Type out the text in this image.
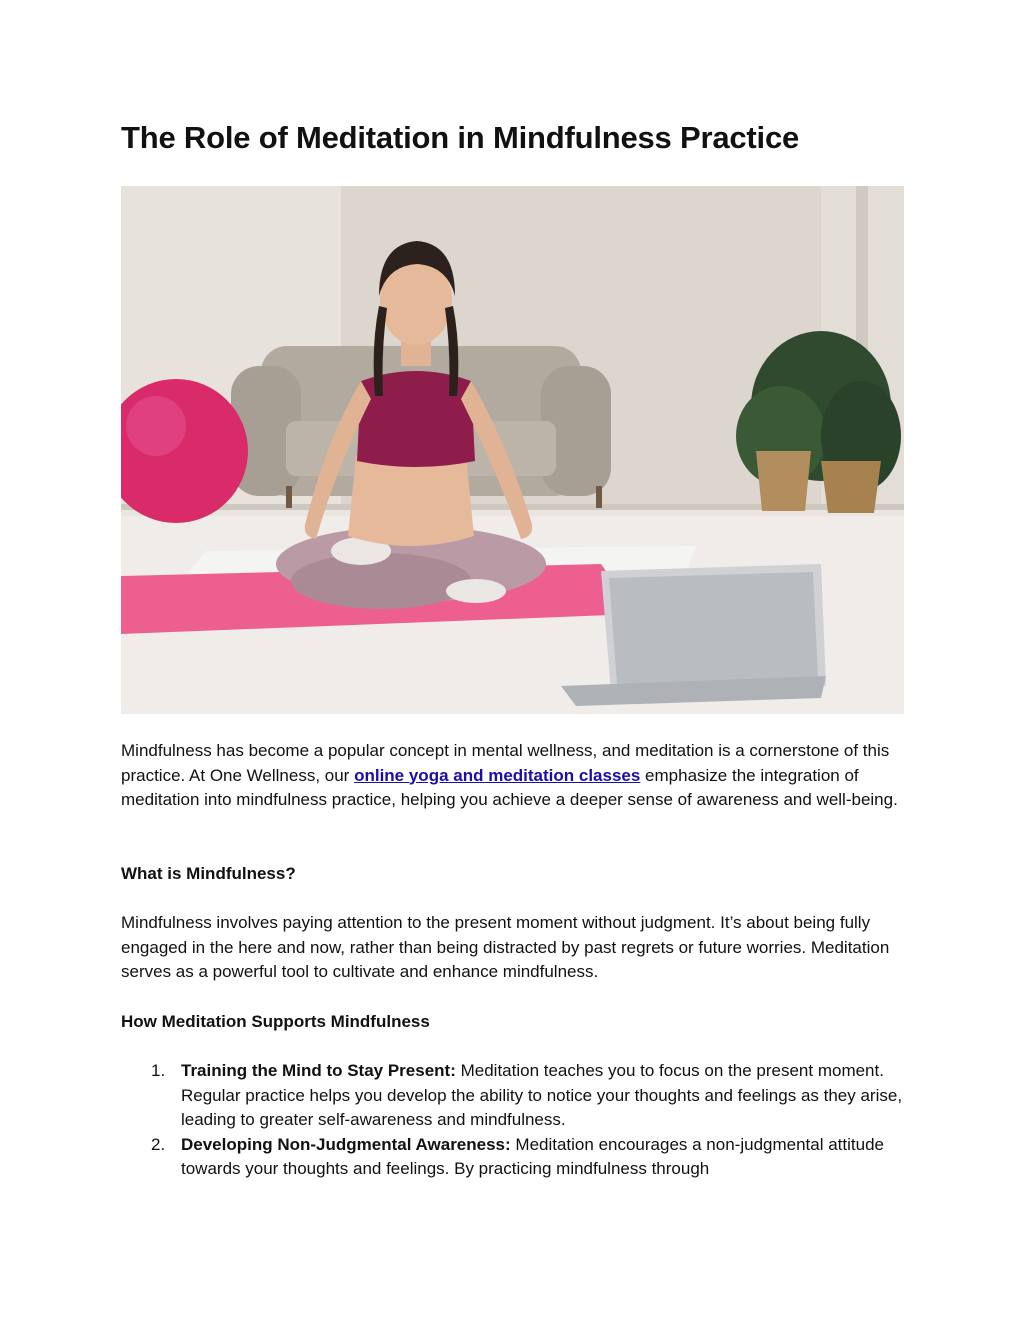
The Role of Meditation in Mindfulness Practice

Mindfulness has become a popular concept in mental wellness, and meditation is a cornerstone of this practice. At One Wellness, our online yoga and meditation classes emphasize the integration of meditation into mindfulness practice, helping you achieve a deeper sense of awareness and well-being.

What is Mindfulness?

Mindfulness involves paying attention to the present moment without judgment. It’s about being fully engaged in the here and now, rather than being distracted by past regrets or future worries. Meditation serves as a powerful tool to cultivate and enhance mindfulness.

How Meditation Supports Mindfulness
1. Training the Mind to Stay Present: Meditation teaches you to focus on the present moment. Regular practice helps you develop the ability to notice your thoughts and feelings as they arise, leading to greater self-awareness and mindfulness.
2. Developing Non-Judgmental Awareness: Meditation encourages a non-judgmental attitude towards your thoughts and feelings. By practicing mindfulness through
